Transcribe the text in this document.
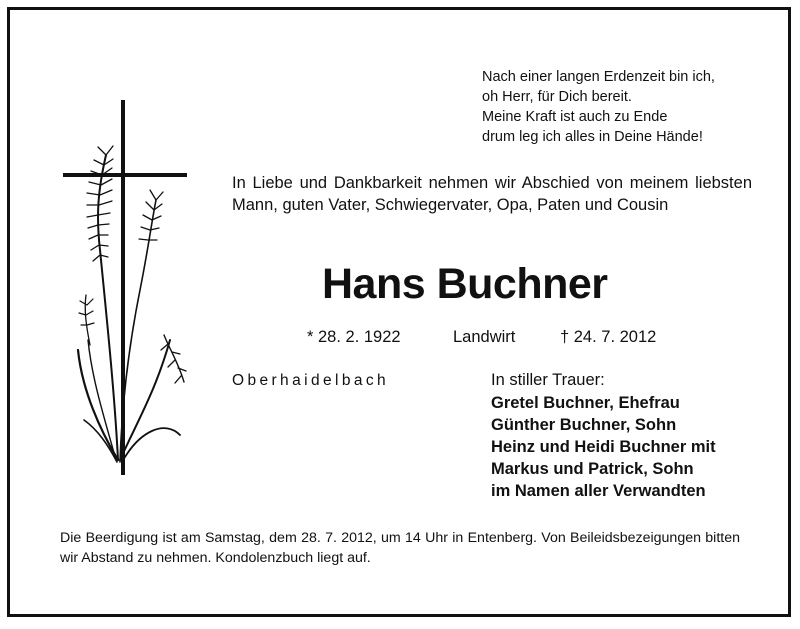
Nach einer langen Erdenzeit bin ich,
oh Herr, für Dich bereit.
Meine Kraft ist auch zu Ende
drum leg ich alles in Deine Hände!
In Liebe und Dankbarkeit nehmen wir Abschied von meinem liebsten Mann, guten Vater, Schwiegervater, Opa, Paten und Cousin
Hans Buchner
* 28. 2. 1922	Landwirt	† 24. 7. 2012
Oberhaidelbach	In stiller Trauer:
Gretel Buchner, Ehefrau
Günther Buchner, Sohn
Heinz und Heidi Buchner mit
Markus und Patrick, Sohn
im Namen aller Verwandten
Die Beerdigung ist am Samstag, dem 28. 7. 2012, um 14 Uhr in Entenberg. Von Beileidsbezeigungen bitten wir Abstand zu nehmen. Kondolenzbuch liegt auf.
